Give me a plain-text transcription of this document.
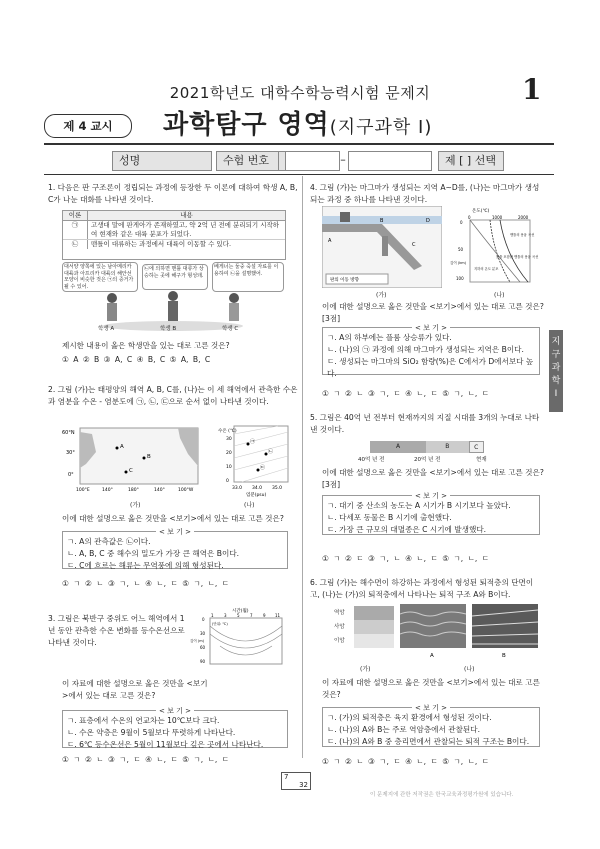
2021학년도 대학수학능력시험 문제지	1
제 4 교시	과학탐구 영역(지구과학 I)
성명	수험 번호	–	제 [ ] 선택
지구과학 I
1. 다음은 판 구조론이 정립되는 과정에 등장한 두 이론에 대하여 학생 A, B, C가 나눈 대화를 나타낸 것이다.
이론	내용
㉠	고생대 말에 판게아가 존재하였고, 약 2억 년 전에 분리되기 시작하여 현재와 같은 대륙 분포가 되었다.
㉡	맨틀이 대류하는 과정에서 대륙이 이동할 수 있다.
대서양 양쪽에 있는 남아메리카 대륙과 아프리카 대륙의 해안선 모양이 비슷한 것은 ㉠의 증거가 될 수 있어.
㉡에 의하면 맨틀 대류가 상승하는 곳에 해구가 형성돼.
베게너는 둘중 죽설 자료를 이용하여 ㉡을 설명했어.
학생 A	학생 B	학생 C
제시한 내용이 옳은 학생만을 있는 대로 고른 것은?
① A ② B ③ A, C ④ B, C ⑤ A, B, C
2. 그림 (가)는 태평양의 해역 A, B, C를, (나)는 이 세 해역에서 관측한 수온과 염분을 수온 - 염분도에 ㉠, ㉡, ㉢으로 순서 없이 나타낸 것이다.
60°N
30°
0°
A
B
C
100°E	140°	180°	140°	100°W
㉠
㉡
㉢
수온 (℃)
30
20
10
0
33.0 34.0 35.0
염분(psu)
(가)	(나)
이에 대한 설명으로 옳은 것만을 <보기>에서 있는 대로 고른 것은?
< 보 기 >
ㄱ. A의 관측값은 ㉡이다.
ㄴ. A, B, C 중 해수의 밀도가 가장 큰 해역은 B이다.
ㄷ. C에 흐르는 해류는 무역풍에 의해 형성된다.
① ㄱ ② ㄴ ③ ㄱ, ㄴ ④ ㄴ, ㄷ ⑤ ㄱ, ㄴ, ㄷ
3. 그림은 북반구 중위도 어느 해역에서 1년 동안 관측한 수온 변화를 등수온선으로 나타낸 것이다.
시간(월)
1	3	5	7	9 11
0
30
60
90
깊이 (m)
(단위: ℃)
이 자료에 대한 설명으로 옳은 것만을 <보기>에서 있는 대로 고른 것은?
< 보 기 >
ㄱ. 표층에서 수온의 연교차는 10℃보다 크다.
ㄴ. 수온 약층은 9월이 5월보다 뚜렷하게 나타난다.
ㄷ. 6℃ 등수온선은 5월이 11월보다 깊은 곳에서 나타난다.
① ㄱ ② ㄴ ③ ㄱ, ㄷ ④ ㄴ, ㄷ ⑤ ㄱ, ㄴ, ㄷ
4. 그림 (가)는 마그마가 생성되는 지역 A~D를, (나)는 마그마가 생성되는 과정 중 하나를 나타낸 것이다.
A
B
C
D
판의 이동 방향
온도(℃)
0	1000	2000
0
50
100
깊이 (km)
맨틀의 용융 곡선
물을 포함한 맨틀의 용융 곡선
지하의 온도 분포
(가)	(나)
이에 대한 설명으로 옳은 것만을 <보기>에서 있는 대로 고른 것은? [3점]
< 보 기 >
ㄱ. A의 하부에는 플룸 상승류가 있다.
ㄴ. (나)의 ㉠ 과정에 의해 마그마가 생성되는 지역은 B이다.
ㄷ. 생성되는 마그마의 SiO₂ 함량(%)은 C에서가 D에서보다 높다.
① ㄱ ② ㄴ ③ ㄱ, ㄷ ④ ㄴ, ㄷ ⑤ ㄱ, ㄴ, ㄷ
5. 그림은 40억 년 전부터 현재까지의 지질 시대를 3개의 누대로 나타낸 것이다.
A	B	C
40억 년 전	20억 년 전	현재
이에 대한 설명으로 옳은 것만을 <보기>에서 있는 대로 고른 것은? [3점]
< 보 기 >
ㄱ. 대기 중 산소의 농도는 A 시기가 B 시기보다 높았다.
ㄴ. 다세포 동물은 B 시기에 출현했다.
ㄷ. 가장 큰 규모의 대멸종은 C 시기에 발생했다.
① ㄱ ② ㄷ ③ ㄱ, ㄴ ④ ㄴ, ㄷ ⑤ ㄱ, ㄴ, ㄷ
6. 그림 (가)는 해수면이 하강하는 과정에서 형성된 퇴적층의 단면이고, (나)는 (가)의 퇴적층에서 나타나는 퇴적 구조 A와 B이다.
역암
사암
이암
A	B
(가)	(나)
이 자료에 대한 설명으로 옳은 것만을 <보기>에서 있는 대로 고른 것은?
< 보 기 >
ㄱ. (가)의 퇴적층은 육지 환경에서 형성된 것이다.
ㄴ. (나)의 A와 B는 주로 역암층에서 관찰된다.
ㄷ. (나)의 A와 B 중 층리면에서 관찰되는 퇴적 구조는 B이다.
① ㄱ ② ㄴ ③ ㄱ, ㄷ ④ ㄴ, ㄷ ⑤ ㄱ, ㄴ, ㄷ
7
32
이 문제지에 관한 저작권은 한국교육과정평가원에 있습니다.
